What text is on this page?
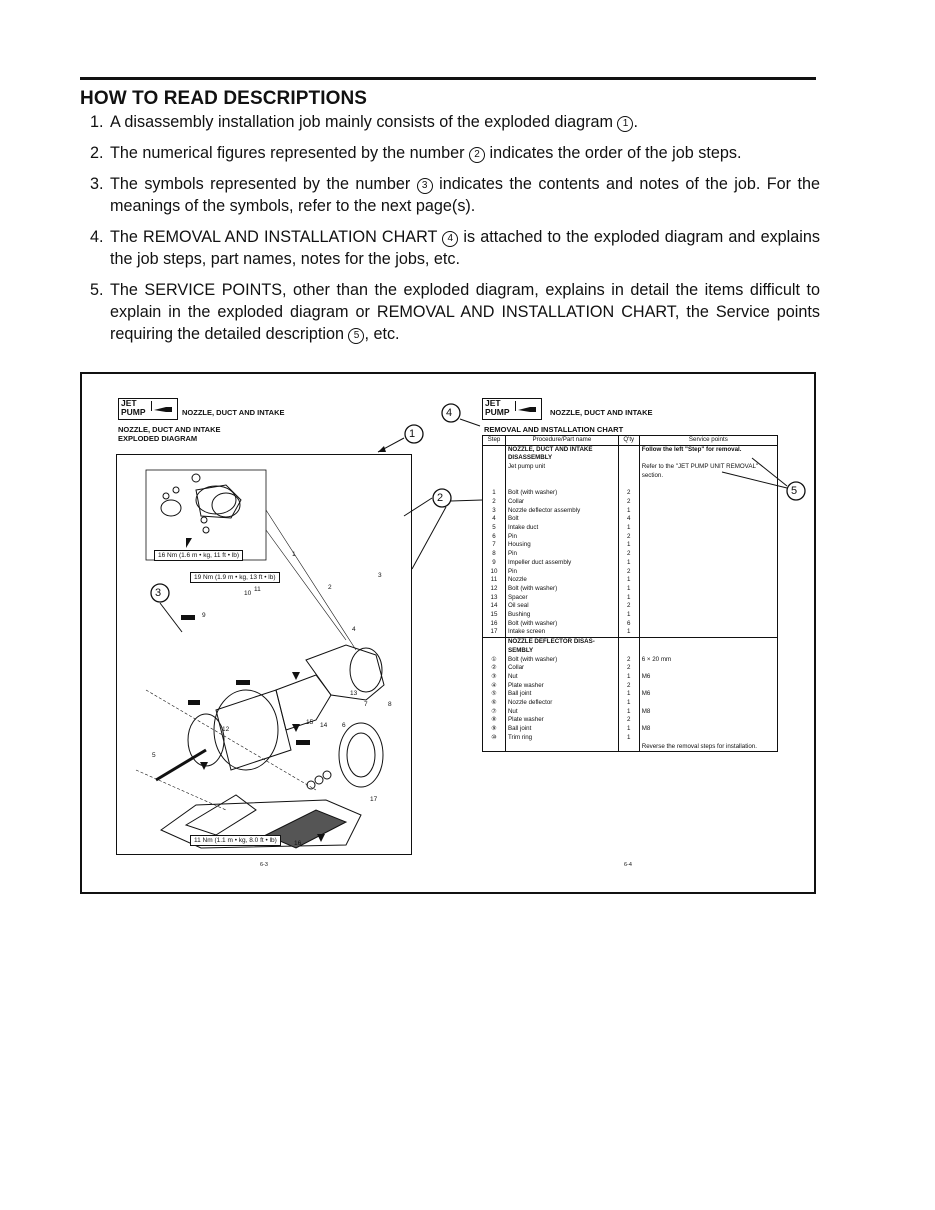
HOW TO READ DESCRIPTIONS
1. A disassembly installation job mainly consists of the exploded diagram 1 .
2. The numerical figures represented by the number 2 indicates the order of the job steps.
3. The symbols represented by the number 3 indicates the contents and notes of the job. For the meanings of the symbols, refer to the next page(s).
4. The REMOVAL AND INSTALLATION CHART 4 is attached to the exploded diagram and explains the job steps, part names, notes for the jobs, etc.
5. The SERVICE POINTS, other than the exploded diagram, explains in detail the items difficult to explain in the exploded diagram or REMOVAL AND INSTALLATION CHART, the Service points requiring the detailed description 5 , etc.
JET
PUMP	NOZZLE, DUCT AND INTAKE
NOZZLE, DUCT AND INTAKE
EXPLODED DIAGRAM
16 Nm (1.6 m • kg, 11 ft • lb)
19 Nm (1.9 m • kg, 13 ft • lb)
11 Nm (1.1 m • kg, 8.0 ft • lb)
1
2
3
4
5
6
7	8
9
10
11
12
13
14
15
16
17
1
2
3
4
5
6-3
JET
PUMP	NOZZLE, DUCT AND INTAKE
REMOVAL AND INSTALLATION CHART
6-4
Step	Procedure/Part name	Q'ty	Service points
	NOZZLE, DUCT AND INTAKE		Follow the left "Step" for removal.
	DISASSEMBLY		
	Jet pump unit		Refer to the "JET PUMP UNIT REMOVAL" section.

1	Bolt (with washer)	2	
2	Collar	2	
3	Nozzle deflector assembly	1	
4	Bolt	4	
5	Intake duct	1	
6	Pin	2	
7	Housing	1	
8	Pin	2	
9	Impeller duct assembly	1	
10	Pin	2	
11	Nozzle	1	
12	Bolt (with washer)	1	
13	Spacer	1	
14	Oil seal	2	
15	Bushing	1	
16	Bolt (with washer)	6	
17	Intake screen	1	
	NOZZLE DEFLECTOR DISAS-		
	SEMBLY		
①	Bolt (with washer)	2	6 × 20 mm
②	Collar	2	
③	Nut	1	M6
④	Plate washer	2	
⑤	Ball joint	1	M6
⑥	Nozzle deflector	1	
⑦	Nut	1	M8
⑧	Plate washer	2	
⑨	Ball joint	1	M8
⑩	Trim ring	1	
			Reverse the removal steps for installation.
